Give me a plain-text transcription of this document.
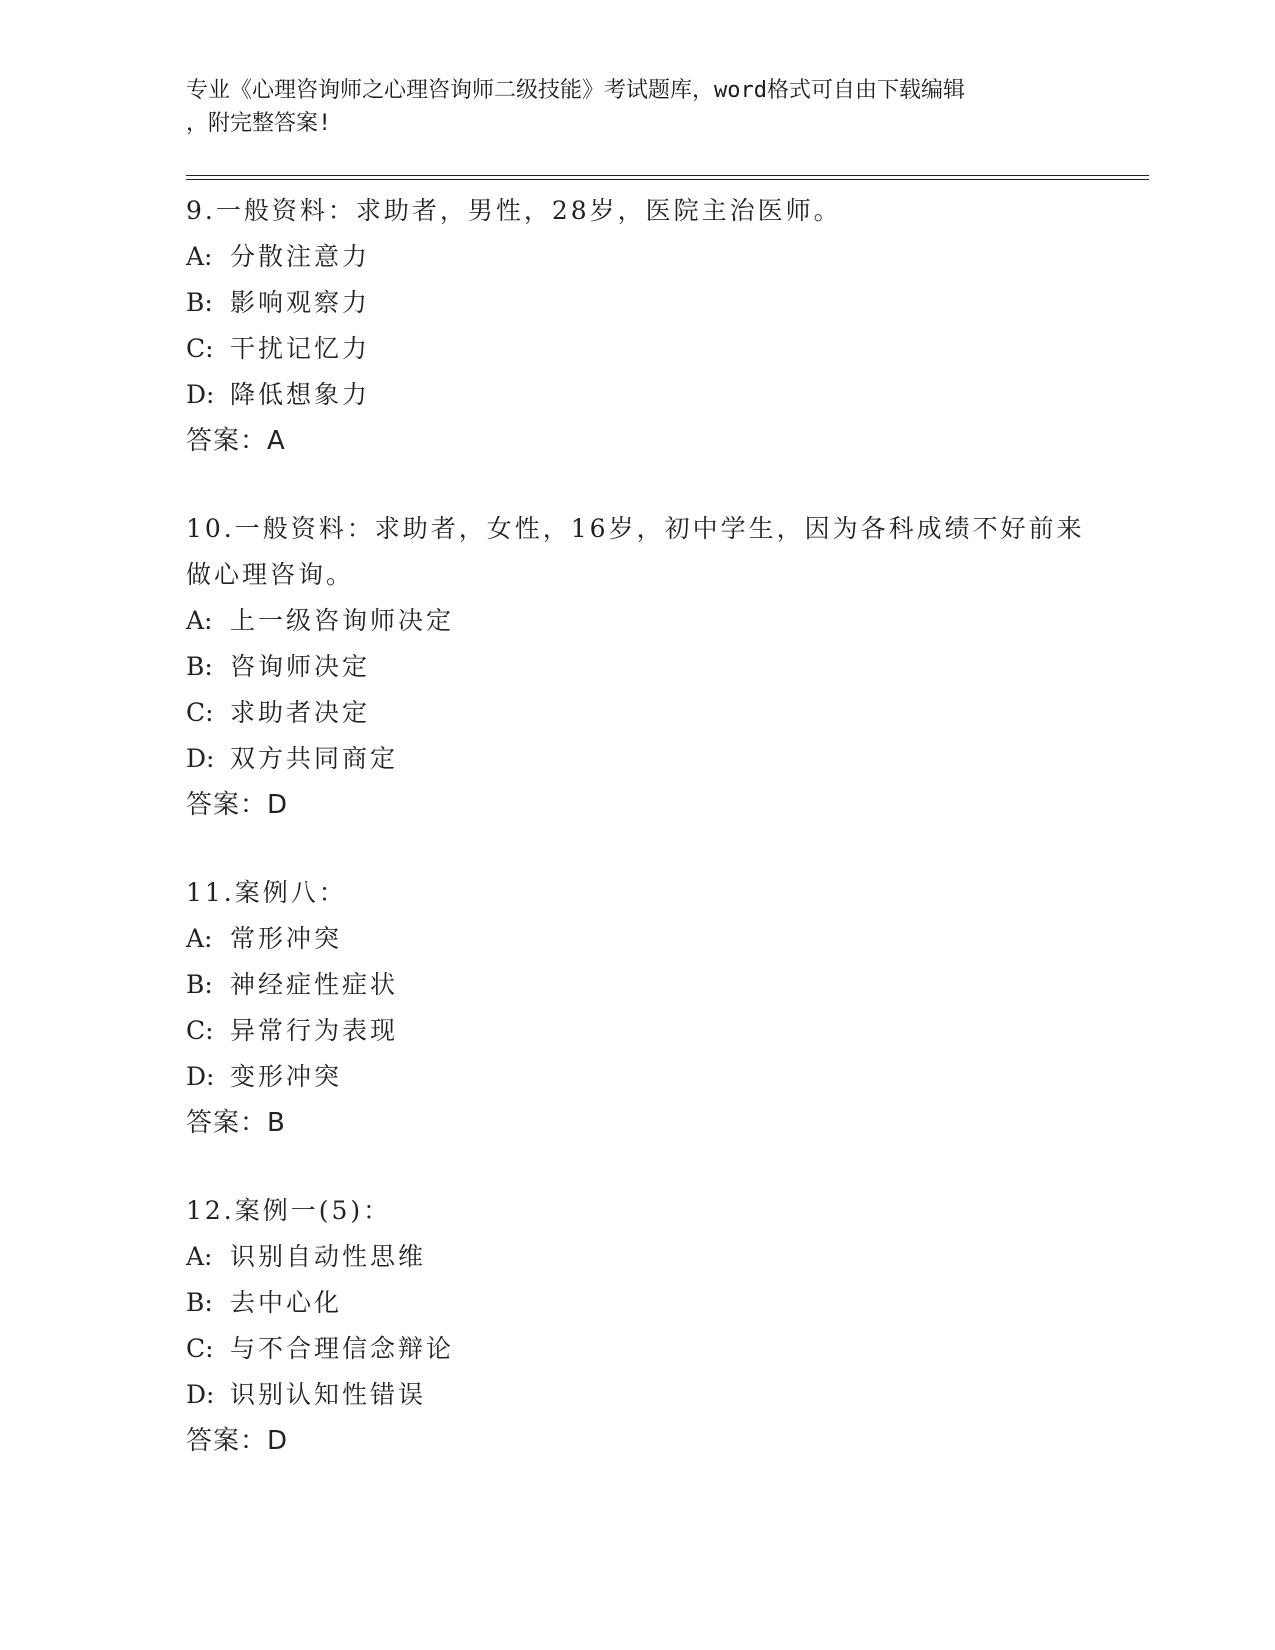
专业《心理咨询师之心理咨询师二级技能》考试题库，word格式可自由下载编辑
，附完整答案!
9.一般资料：求助者，男性，28岁，医院主治医师。
A: 分散注意力
B: 影响观察力
C: 干扰记忆力
D: 降低想象力
答案：A
10.一般资料：求助者，女性，16岁，初中学生，因为各科成绩不好前来做心理咨询。
A: 上一级咨询师决定
B: 咨询师决定
C: 求助者决定
D: 双方共同商定
答案：D
11.案例八：
A: 常形冲突
B: 神经症性症状
C: 异常行为表现
D: 变形冲突
答案：B
12.案例一(5)：
A: 识别自动性思维
B: 去中心化
C: 与不合理信念辩论
D: 识别认知性错误
答案：D
